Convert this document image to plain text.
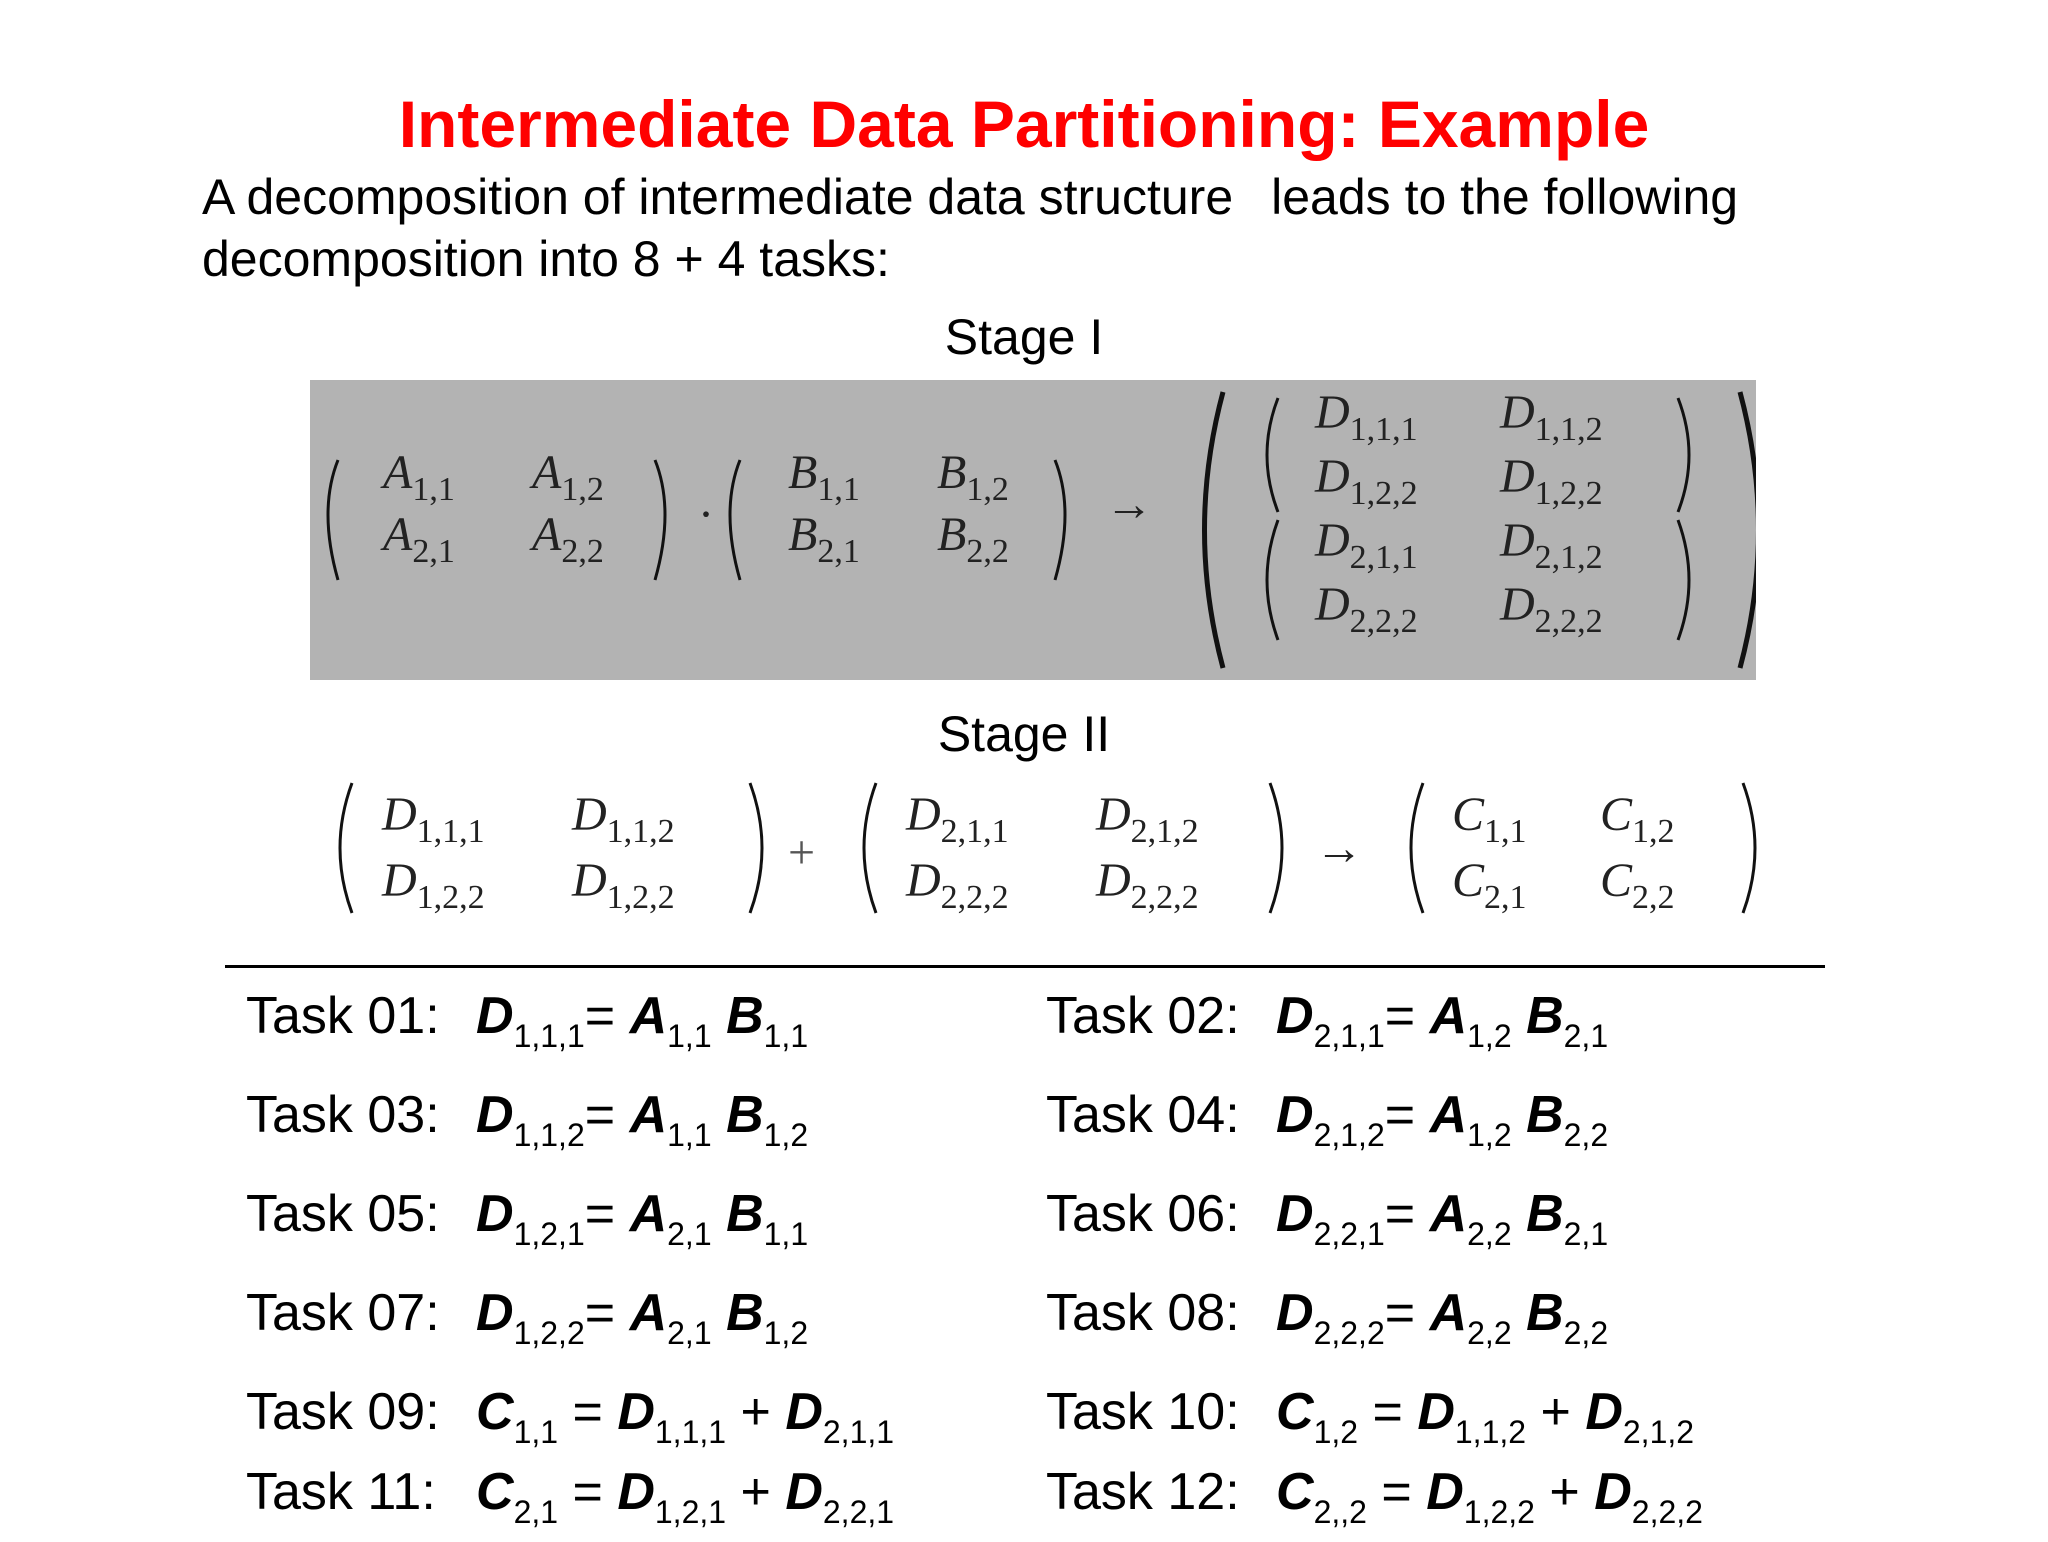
Intermediate Data Partitioning: Example
A decomposition of intermediate data structure leads to the following
decomposition into 8 + 4 tasks:
Stage I
$A_{1,1}$ $A_{1,2}$
$A_{2,1}$ $A_{2,2}$
·
$B_{1,1}$ $B_{1,2}$
$B_{2,1}$ $B_{2,2}$
→
$D_{1,1,1}$ $D_{1,1,2}$
$D_{1,2,2}$ $D_{1,2,2}$
$D_{2,1,1}$ $D_{2,1,2}$
$D_{2,2,2}$ $D_{2,2,2}$
Stage II
$D_{1,1,1}$ $D_{1,1,2}$
$D_{1,2,2}$ $D_{1,2,2}$
+
$D_{2,1,1}$ $D_{2,1,2}$
$D_{2,2,2}$ $D_{2,2,2}$
→
$C_{1,1}$ $C_{1,2}$
$C_{2,1}$ $C_{2,2}$
Task 01: $D_{1,1,1}= A_{1,1}$ $B_{1,1}$	Task 02: $D_{2,1,1}= A_{1,2}$ $B_{2,1}$
Task 03: $D_{1,1,2}= A_{1,1}$ $B_{1,2}$	Task 04: $D_{2,1,2}= A_{1,2}$ $B_{2,2}$
Task 05: $D_{1,2,1}= A_{2,1}$ $B_{1,1}$	Task 06: $D_{2,2,1}= A_{2,2}$ $B_{2,1}$
Task 07: $D_{1,2,2}= A_{2,1}$ $B_{1,2}$	Task 08: $D_{2,2,2}= A_{2,2}$ $B_{2,2}$
Task 09: $C_{1,1} = D_{1,1,1} + D_{2,1,1}$	Task 10: $C_{1,2} = D_{1,1,2} + D_{2,1,2}$
Task 11: $C_{2,1} = D_{1,2,1} + D_{2,2,1}$	Task 12: $C_{2,,2} = D_{1,2,2} + D_{2,2,2}$
